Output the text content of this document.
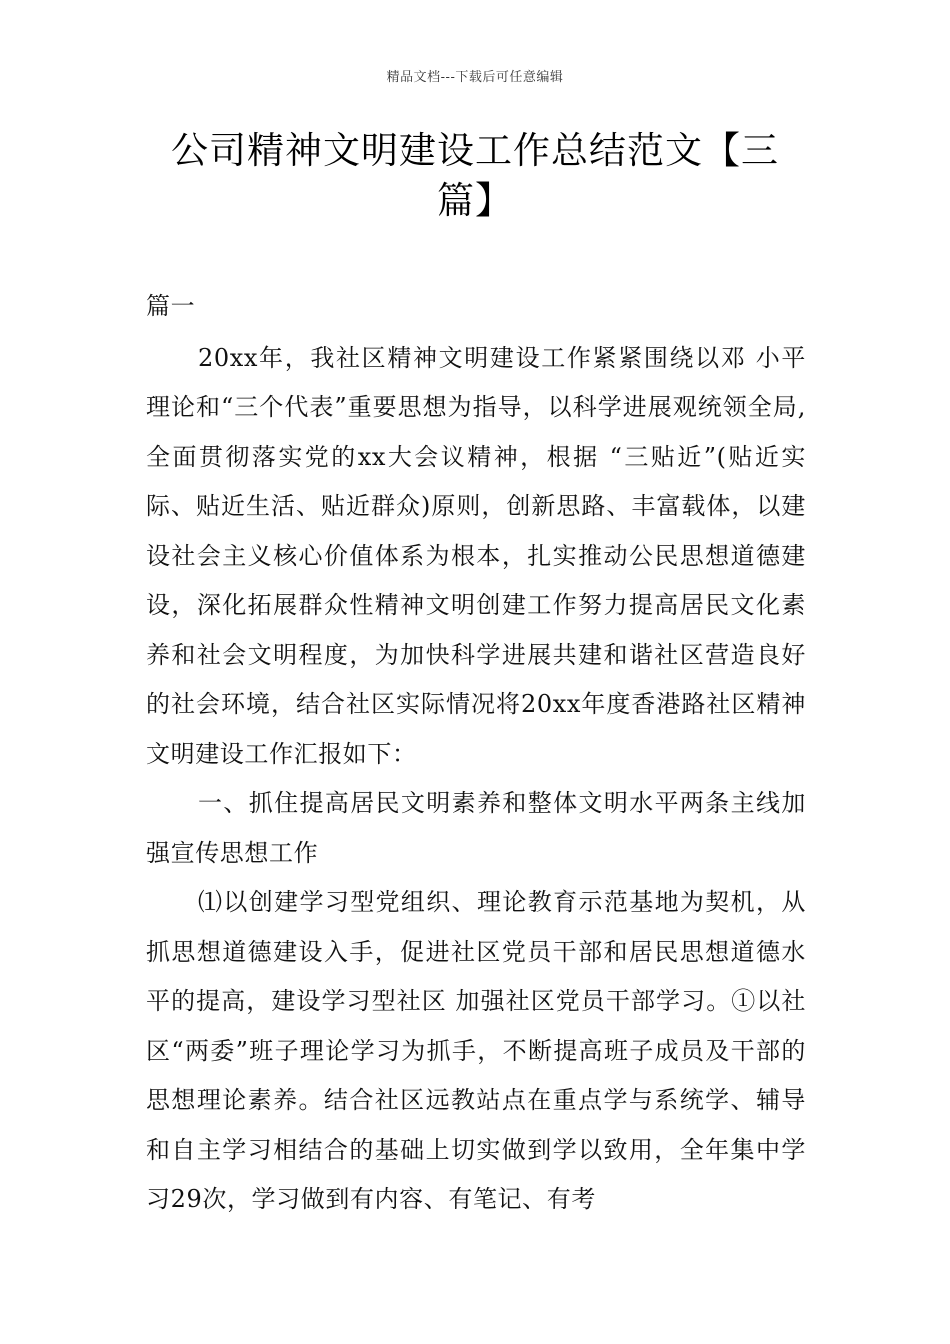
精品文档---下载后可任意编辑
公司精神文明建设工作总结范文【三篇】

篇一

20xx年，我社区精神文明建设工作紧紧围绕以邓 小平理论和“三个代表”重要思想为指导，以科学进展观统领全局,全面贯彻落实党的xx大会议精神，根据 “三贴近”(贴近实际、贴近生活、贴近群众)原则，创新思路、丰富载体，以建设社会主义核心价值体系为根本，扎实推动公民思想道德建设，深化拓展群众性精神文明创建工作努力提高居民文化素养和社会文明程度，为加快科学进展共建和谐社区营造良好的社会环境，结合社区实际情况将20xx年度香港路社区精神文明建设工作汇报如下：

一、抓住提高居民文明素养和整体文明水平两条主线加强宣传思想工作

⑴以创建学习型党组织、理论教育示范基地为契机，从抓思想道德建设入手，促进社区党员干部和居民思想道德水平的提高，建设学习型社区 加强社区党员干部学习。①以社区“两委”班子理论学习为抓手，不断提高班子成员及干部的思想理论素养。结合社区远教站点在重点学与系统学、辅导和自主学习相结合的基础上切实做到学以致用，全年集中学习29次，学习做到有内容、有笔记、有考
